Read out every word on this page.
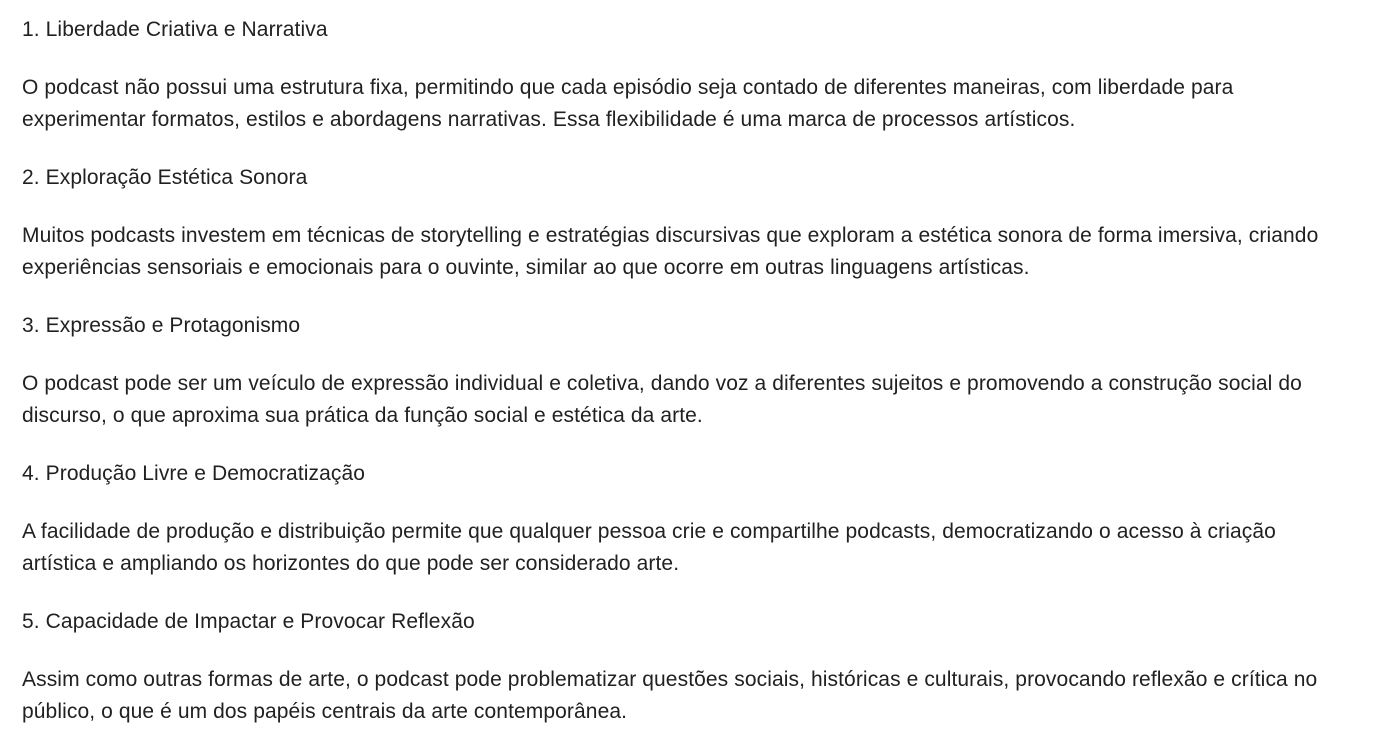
1. Liberdade Criativa e Narrativa

O podcast não possui uma estrutura fixa, permitindo que cada episódio seja contado de diferentes maneiras, com liberdade para experimentar formatos, estilos e abordagens narrativas. Essa flexibilidade é uma marca de processos artísticos.

2. Exploração Estética Sonora

Muitos podcasts investem em técnicas de storytelling e estratégias discursivas que exploram a estética sonora de forma imersiva, criando experiências sensoriais e emocionais para o ouvinte, similar ao que ocorre em outras linguagens artísticas.

3. Expressão e Protagonismo

O podcast pode ser um veículo de expressão individual e coletiva, dando voz a diferentes sujeitos e promovendo a construção social do discurso, o que aproxima sua prática da função social e estética da arte.

4. Produção Livre e Democratização

A facilidade de produção e distribuição permite que qualquer pessoa crie e compartilhe podcasts, democratizando o acesso à criação artística e ampliando os horizontes do que pode ser considerado arte.

5. Capacidade de Impactar e Provocar Reflexão

Assim como outras formas de arte, o podcast pode problematizar questões sociais, históricas e culturais, provocando reflexão e crítica no público, o que é um dos papéis centrais da arte contemporânea.
